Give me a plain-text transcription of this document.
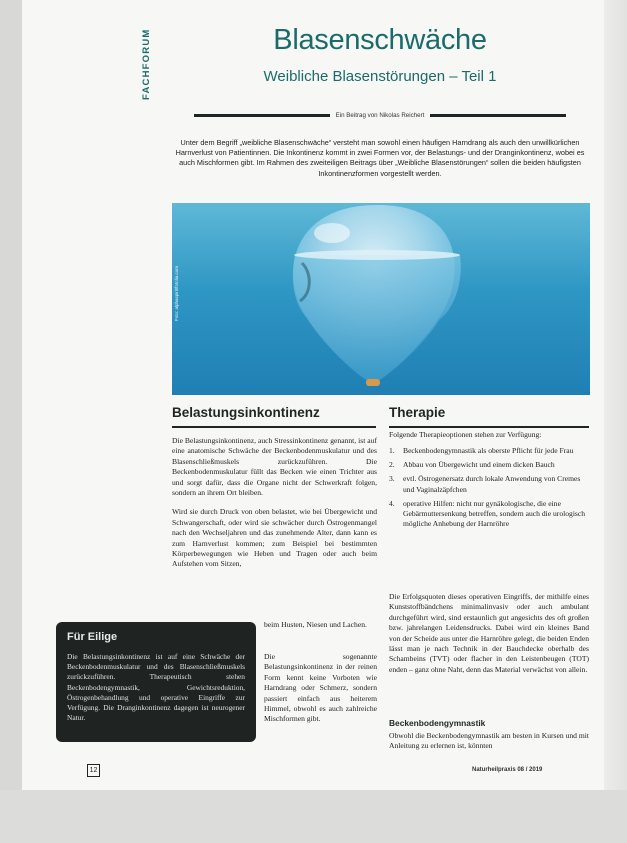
FACHFORUM	Blasenschwäche
Weibliche Blasenstörungen – Teil 1
Ein Beitrag von Nikolas Reichert
Unter dem Begriff „weibliche Blasenschwäche“ versteht man sowohl einen häufigen Harndrang als auch den unwillkürlichen Harnverlust von Patientinnen. Die Inkontinenz kommt in zwei Formen vor, der Belastungs- und der Dranginkontinenz, wobei es auch Mischformen gibt. Im Rahmen des zweiteiligen Beitrags über „Weibliche Blasenstörungen“ sollen die beiden häufigsten Inkontinenzformen vorgestellt werden.
Foto: alphaspirit/fotolia.com
Belastungsinkontinenz

Die Belastungsinkontinenz, auch Stressinkontinenz genannt, ist auf eine anatomische Schwäche der Beckenbodenmuskulatur und des Blasenschließmuskels zurückzuführen. Die Beckenbodenmuskulatur füllt das Becken wie einen Trichter aus und sorgt dafür, dass die Organe nicht der Schwerkraft folgen, sondern an ihrem Ort bleiben.

Wird sie durch Druck von oben belastet, wie bei Übergewicht und Schwangerschaft, oder wird sie schwächer durch Östrogenmangel nach den Wechseljahren und das zunehmende Alter, dann kann es zum Harnverlust kommen; zum Beispiel bei bestimmten Körperbewegungen wie Heben und Tragen oder auch beim Aufstehen vom Sitzen,

beim Husten, Niesen und Lachen.
Die sogenannte Belastungsinkontinenz in der reinen Form kennt keine Vorboten wie Harndrang oder Schmerz, sondern passiert einfach aus heiterem Himmel, obwohl es auch zahlreiche Mischformen gibt.
Therapie
Folgende Therapieoptionen stehen zur Verfügung:
1.	Beckenbodengymnastik als oberste Pflicht für jede Frau
2.	Abbau von Übergewicht und einem dicken Bauch
3.	evtl. Östrogenersatz durch lokale Anwendung von Cremes und Vaginalzäpfchen
4.	operative Hilfen: nicht nur gynäkologische, die eine Gebärmuttersenkung betreffen, sondern auch die urologisch mögliche Anhebung der Harnröhre
Die Erfolgsquoten dieses operativen Eingriffs, der mithilfe eines Kunststoffbändchens minimalinvasiv oder auch ambulant durchgeführt wird, sind erstaunlich gut angesichts des oft großen bzw. jahrelangen Leidensdrucks. Dabei wird ein kleines Band von der Scheide aus unter die Harnröhre gelegt, die beiden Enden lässt man je nach Technik in der Bauchdecke oberhalb des Schambeins (TVT) oder flacher in den Leistenbeugen (TOT) enden – ganz ohne Naht, denn das Material verwächst von allein.
Beckenbodengymnastik
Obwohl die Beckenbodengymnastik am besten in Kursen und mit Anleitung zu erlernen ist, könnten
Für Eilige
Die Belastungsinkontinenz ist auf eine Schwäche der Beckenbodenmuskulatur und des Blasenschließmuskels zurückzuführen. Therapeutisch stehen Beckenbodengymnastik, Gewichtsreduktion, Östrogenbehandlung und operative Eingriffe zur Verfügung. Die Dranginkontinenz dagegen ist neurogener Natur.
12	Naturheilpraxis 08 / 2019
